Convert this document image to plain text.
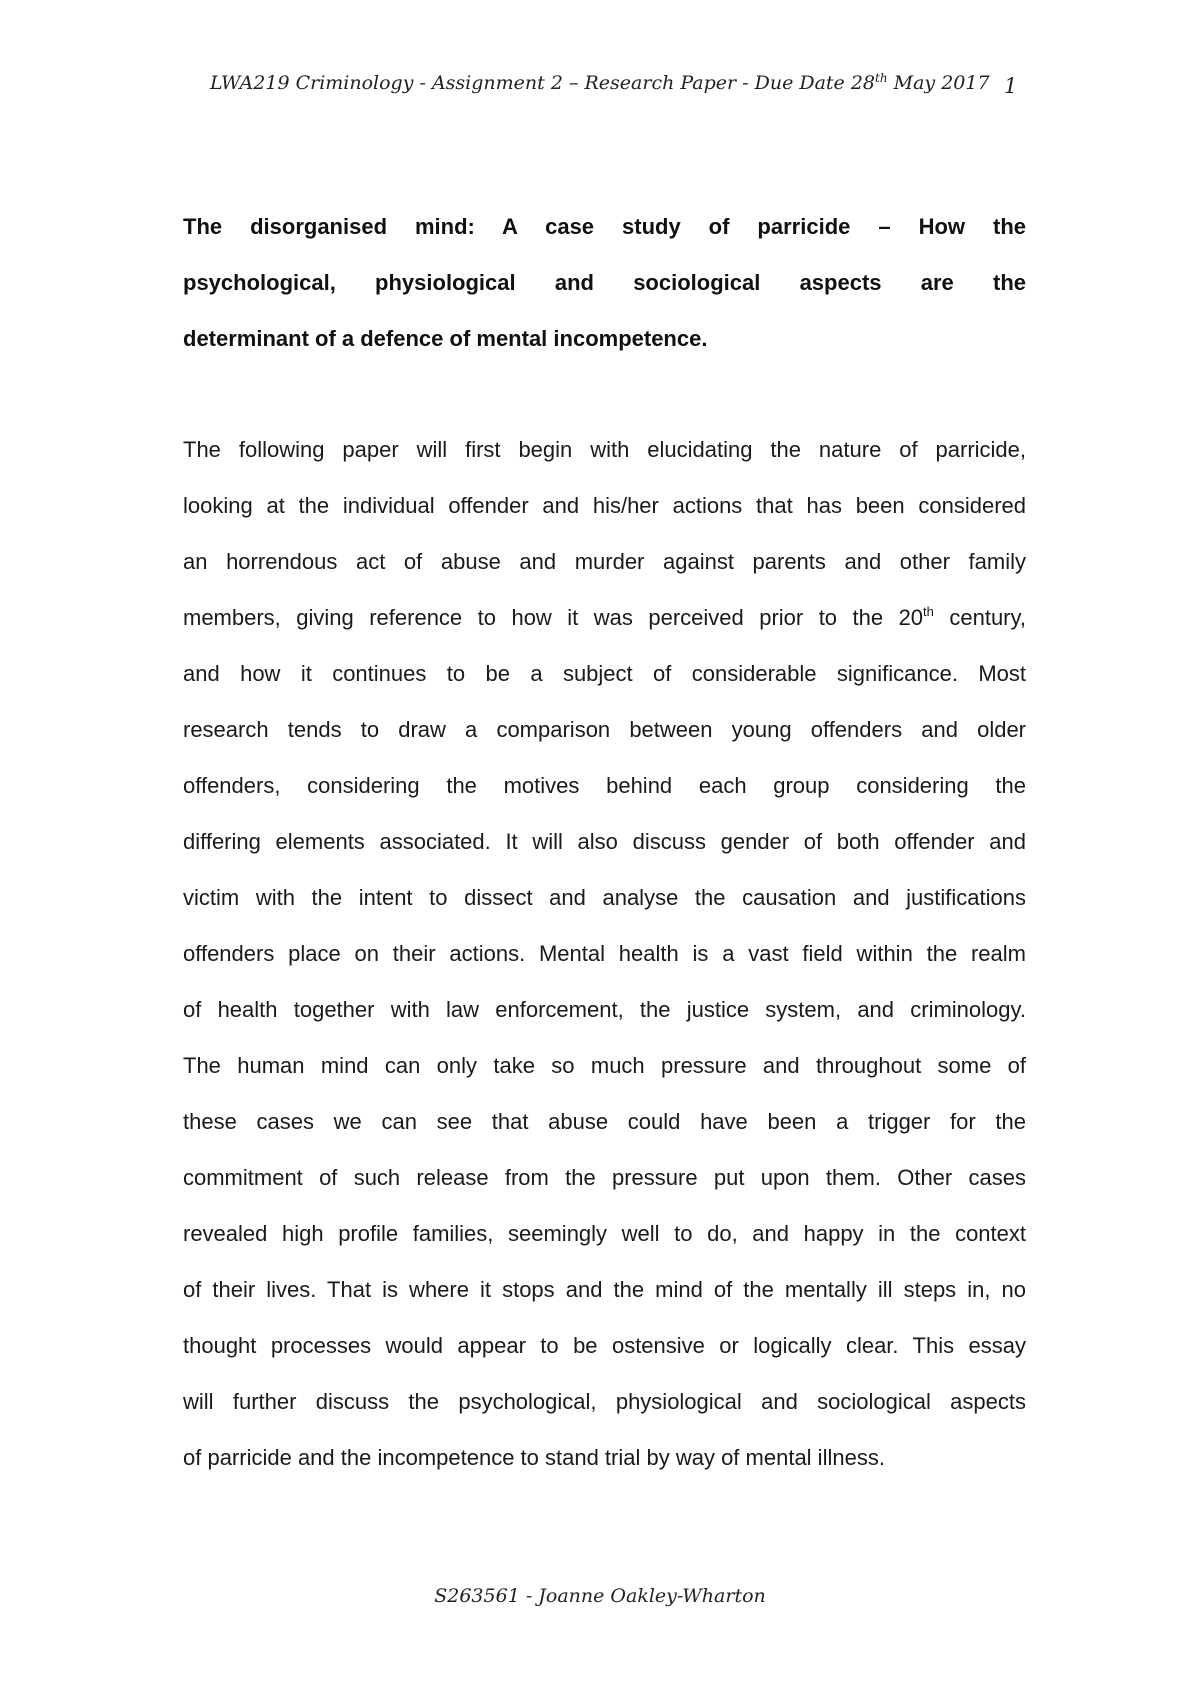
LWA219 Criminology - Assignment 2 – Research Paper - Due Date 28th May 2017 1
The disorganised mind: A case study of parricide – How the
psychological, physiological and sociological aspects are the
determinant of a defence of mental incompetence.
The following paper will first begin with elucidating the nature of parricide,
looking at the individual offender and his/her actions that has been considered
an horrendous act of abuse and murder against parents and other family
members, giving reference to how it was perceived prior to the 20th century,
and how it continues to be a subject of considerable significance. Most
research tends to draw a comparison between young offenders and older
offenders, considering the motives behind each group considering the
differing elements associated. It will also discuss gender of both offender and
victim with the intent to dissect and analyse the causation and justifications
offenders place on their actions. Mental health is a vast field within the realm
of health together with law enforcement, the justice system, and criminology.
The human mind can only take so much pressure and throughout some of
these cases we can see that abuse could have been a trigger for the
commitment of such release from the pressure put upon them. Other cases
revealed high profile families, seemingly well to do, and happy in the context
of their lives. That is where it stops and the mind of the mentally ill steps in, no
thought processes would appear to be ostensive or logically clear. This essay
will further discuss the psychological, physiological and sociological aspects
of parricide and the incompetence to stand trial by way of mental illness.
S263561 - Joanne Oakley-Wharton
